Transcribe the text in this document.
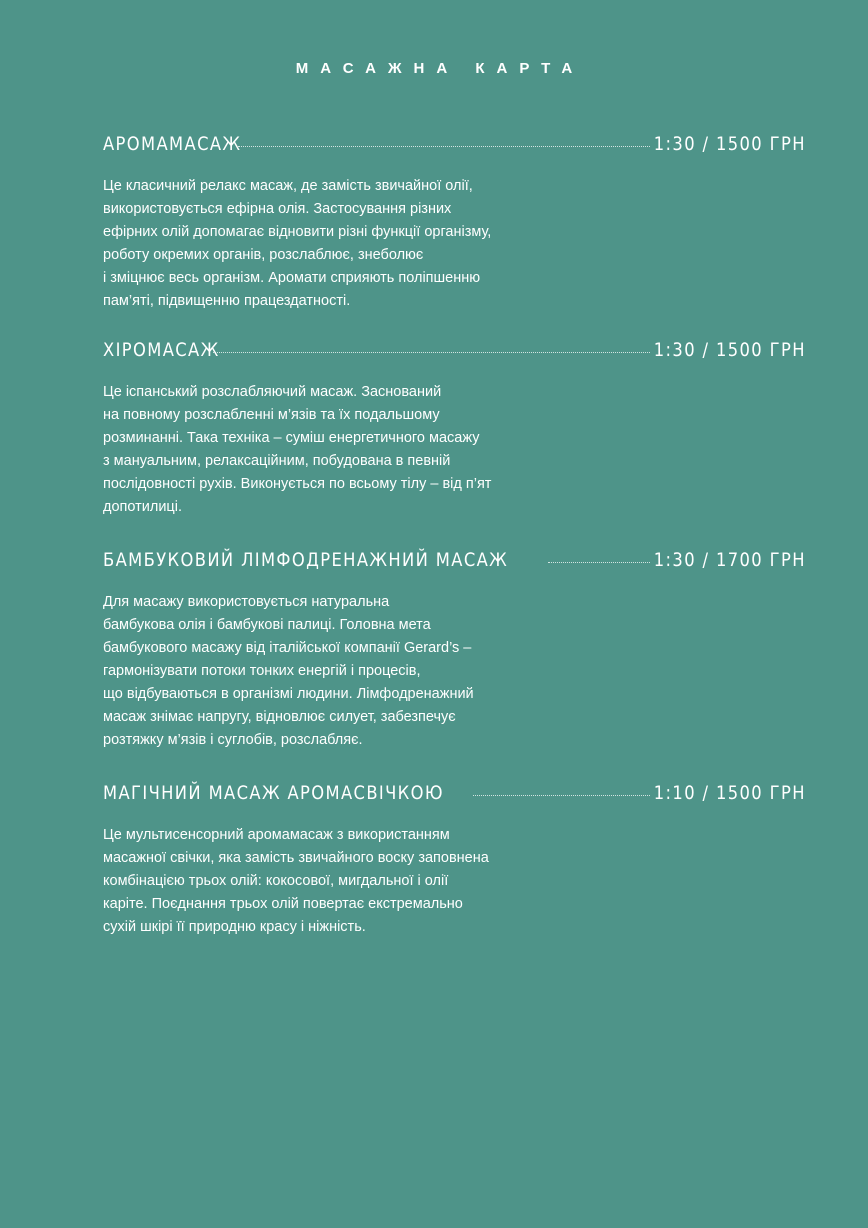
МАСАЖНА КАРТА
АРОМАМАСАЖ	1:30 / 1500 ГРН

Це класичний релакс масаж, де замість звичайної олії,

використовується ефірна олія. Застосування різних

ефірних олій допомагає відновити різні функції організму,

роботу окремих органів, розслаблює, знеболює

і зміцнює весь організм. Аромати сприяють поліпшенню

пам’яті, підвищенню працездатності.

ХІРОМАСАЖ	1:30 / 1500 ГРН

Це іспанський розслабляючий масаж. Заснований

на повному розслабленні м’язів та їх подальшому

розминанні. Така техніка – суміш енергетичного масажу

з мануальним, релаксаційним, побудована в певній

послідовності рухів. Виконується по всьому тілу – від п’ят

допотилиці.

БАМБУКОВИЙ ЛІМФОДРЕНАЖНИЙ МАСАЖ	1:30 / 1700 ГРН

Для масажу використовується натуральна

бамбукова олія і бамбукові палиці. Головна мета

бамбукового масажу від італійської компанії Gerard’s –

гармонізувати потоки тонких енергій і процесів,

що відбуваються в організмі людини. Лімфодренажний

масаж знімає напругу, відновлює силует, забезпечує

розтяжку м’язів і суглобів, розслабляє.

МАГІЧНИЙ МАСАЖ АРОМАСВІЧКОЮ	1:10 / 1500 ГРН

Це мультисенсорний аромамасаж з використанням

масажної свічки, яка замість звичайного воску заповнена

комбінацією трьох олій: кокосової, мигдальної і олії

каріте. Поєднання трьох олій повертає екстремально

сухій шкірі її природню красу і ніжність.
